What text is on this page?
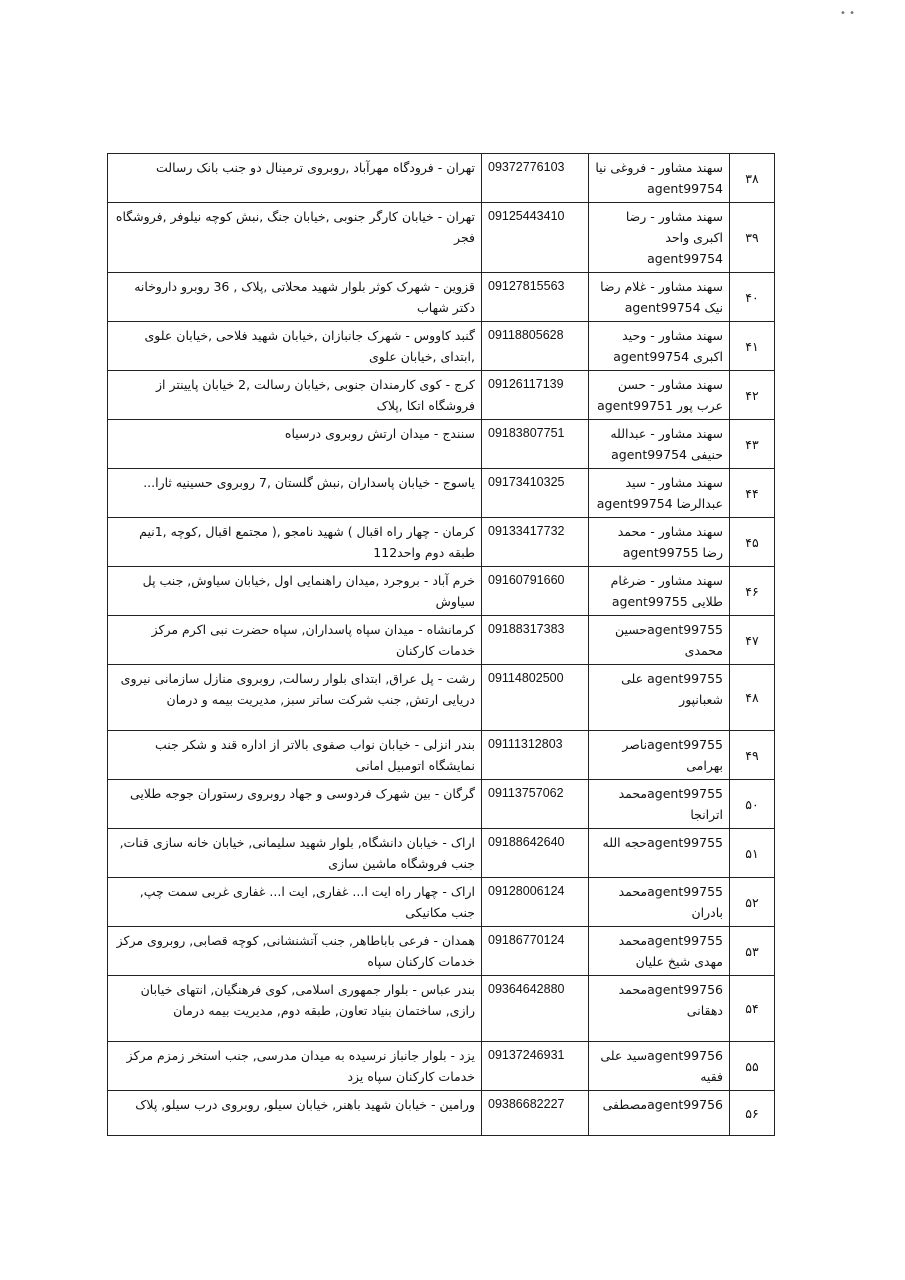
• •
۳۸	سهند مشاور - فروغی نیا agent99754	09372776103	تهران - فرودگاه مهرآباد ,روبروی ترمینال دو جنب بانک رسالت
۳۹	سهند مشاور - رضا اکبری واحد agent99754	09125443410	تهران - خیابان کارگر جنوبی ,خیابان جنگ ,نبش کوچه نیلوفر ,فروشگاه فجر
۴۰	سهند مشاور - غلام رضا نیک agent99754	09127815563	قزوین - شهرک کوثر بلوار شهید محلاتی ,پلاک , 36 روبرو داروخانه دکتر شهاب
۴۱	سهند مشاور - وحید اکبری agent99754	09118805628	گنبد کاووس - شهرک جانبازان ,خیابان شهید فلاحی ,خیابان علوی ,ابتدای ,خیابان علوی
۴۲	سهند مشاور - حسن عرب پور agent99751	09126117139	کرج - کوی کارمندان جنوبی ,خیابان رسالت ,2 خیابان پایینتر از فروشگاه اتکا ,پلاک
۴۳	سهند مشاور - عبدالله حنیفی agent99754	09183807751	سنندج - میدان ارتش روبروی درسیاه
۴۴	سهند مشاور - سید عبدالرضا agent99754	09173410325	یاسوج - خیابان پاسداران ,نبش گلستان ,7 روبروی حسینیه ثارا...
۴۵	سهند مشاور - محمد رضا agent99755	09133417732	کرمان - چهار راه اقبال ) شهید نامجو ,( مجتمع اقبال ,کوچه ,1نیم طبقه دوم واحد112
۴۶	سهند مشاور - ضرغام طلایی agent99755	09160791660	خرم آباد - بروجرد ,میدان راهنمایی اول ,خیابان سیاوش, جنب پل سیاوش
۴۷	agent99755حسین محمدی	09188317383	کرمانشاه - میدان سپاه پاسداران, سپاه حضرت نبی اکرم مرکز خدمات کارکنان
۴۸	agent99755 علی شعبانپور	09114802500	رشت - پل عراق, ابتدای بلوار رسالت, روبروی منازل سازمانی نیروی دریایی ارتش, جنب شرکت ساتر سبز, مدیریت بیمه و درمان
۴۹	agent99755ناصر بهرامی	09111312803	بندر انزلی - خیابان نواب صفوی بالاتر از اداره قند و شکر جنب نمایشگاه اتومبیل امانی
۵۰	agent99755محمد اترانجا	09113757062	گرگان - بین شهرک فردوسی و جهاد روبروی رستوران جوجه طلایی
۵۱	agent99755حجه الله	09188642640	اراک - خیابان دانشگاه, بلوار شهید سلیمانی, خیابان خانه سازی قنات, جنب فروشگاه ماشین سازی
۵۲	agent99755محمد بادران	09128006124	اراک - چهار راه ایت ا... غفاری, ایت ا... غفاری غربی سمت چپ, جنب مکانیکی
۵۳	agent99755محمد مهدی شیخ علیان	09186770124	همدان - فرعی باباطاهر, جنب آتشنشانی, کوچه قصابی, روبروی مرکز خدمات کارکنان سپاه
۵۴	agent99756محمد دهقانی	09364642880	بندر عباس - بلوار جمهوری اسلامی, کوی فرهنگیان, انتهای خیابان رازی, ساختمان بنیاد تعاون, طبقه دوم, مدیریت بیمه درمان
۵۵	agent99756سید علی فقیه	09137246931	یزد - بلوار جانباز نرسیده به میدان مدرسی, جنب استخر زمزم مرکز خدمات کارکنان سپاه یزد
۵۶	agent99756مصطفی	09386682227	ورامین - خیابان شهید باهنر, خیابان سیلو, روبروی درب سیلو, پلاک
